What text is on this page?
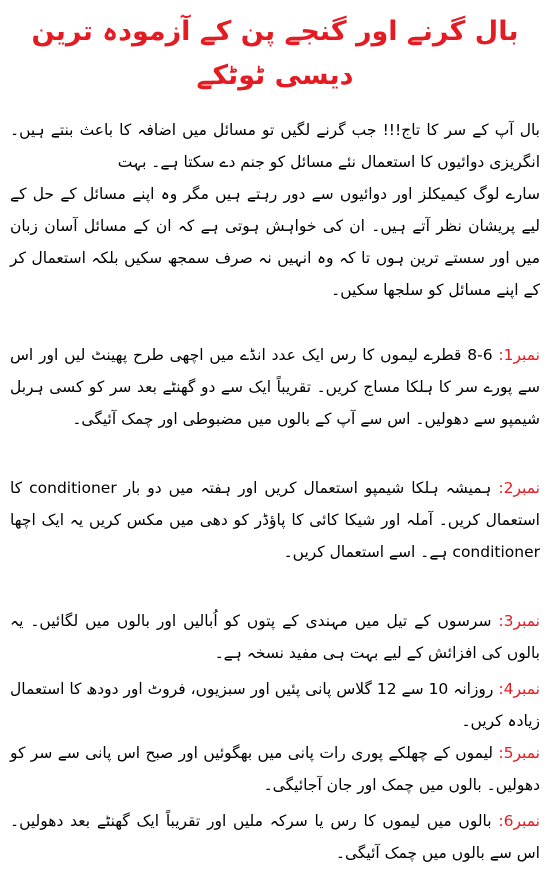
بال گرنے اور گنجے پن کے آزمودہ ترین دیسی ٹوٹکے

بال آپ کے سر کا تاج!!! جب گرنے لگیں تو مسائل میں اضافہ کا باعث بنتے ہیں۔ انگریزی دوائیوں کا استعمال نئے مسائل کو جنم دے سکتا ہے۔ بہت

سارے لوگ کیمیکلز اور دوائیوں سے دور رہتے ہیں مگر وہ اپنے مسائل کے حل کے لیے پریشان نظر آتے ہیں۔ ان کی خواہش ہوتی ہے کہ ان کے مسائل آسان زبان میں اور سستے ترین ہوں تا کہ وہ انہیں نہ صرف سمجھ سکیں بلکہ استعمال کر کے اپنے مسائل کو سلجھا سکیں۔

نمبر1: 6-8 قطرے لیموں کا رس ایک عدد انڈے میں اچھی طرح پھینٹ لیں اور اس سے پورے سر کا ہلکا مساج کریں۔ تقریباً ایک سے دو گھنٹے بعد سر کو کسی ہربل شیمپو سے دھولیں۔ اس سے آپ کے بالوں میں مضبوطی اور چمک آئیگی۔
نمبر2: ہمیشہ ہلکا شیمپو استعمال کریں اور ہفتہ میں دو بار conditioner کا استعمال کریں۔ آملہ اور شیکا کائی کا پاؤڈر کو دھی میں مکس کریں یہ ایک اچھا conditioner ہے۔ اسے استعمال کریں۔
نمبر3: سرسوں کے تیل میں مہندی کے پتوں کو اُبالیں اور بالوں میں لگائیں۔ یہ بالوں کی افزائش کے لیے بہت ہی مفید نسخہ ہے۔
نمبر4: روزانہ 10 سے 12 گلاس پانی پئیں اور سبزیوں، فروٹ اور دودھ کا استعمال زیادہ کریں۔
نمبر5: لیموں کے چھلکے پوری رات پانی میں بھگوئیں اور صبح اس پانی سے سر کو دھولیں۔ بالوں میں چمک اور جان آجائیگی۔
نمبر6: بالوں میں لیموں کا رس یا سرکہ ملیں اور تقریباً ایک گھنٹے بعد دھولیں۔ اس سے بالوں میں چمک آئیگی۔
